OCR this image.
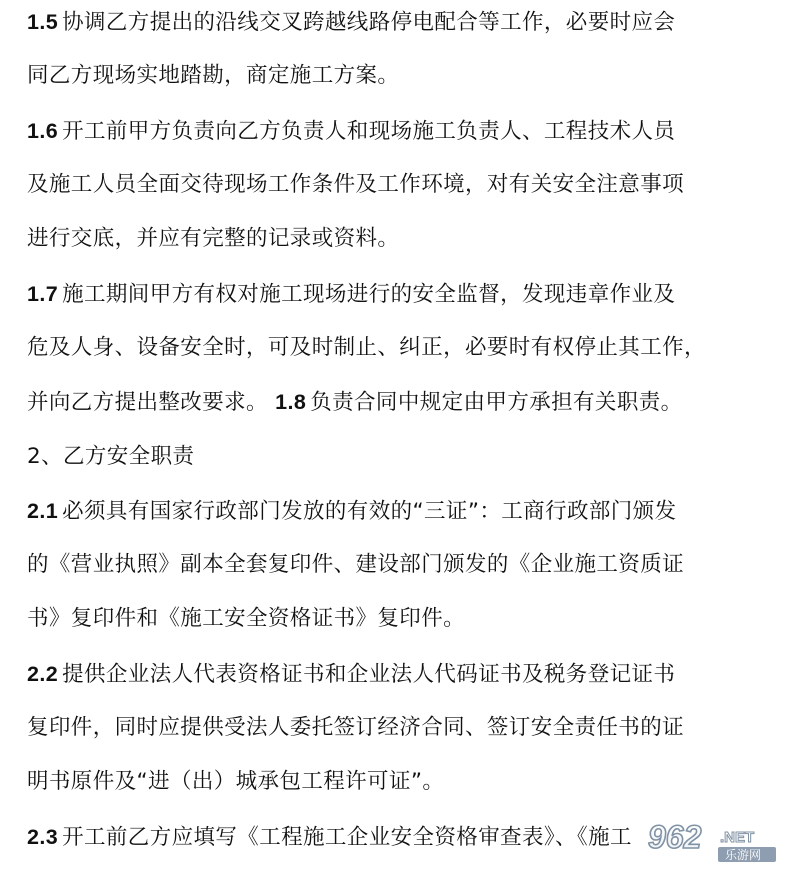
1.5 协调乙方提出的沿线交叉跨越线路停电配合等工作，必要时应会
同乙方现场实地踏勘，商定施工方案。
1.6 开工前甲方负责向乙方负责人和现场施工负责人、工程技术人员
及施工人员全面交待现场工作条件及工作环境，对有关安全注意事项
进行交底，并应有完整的记录或资料。
1.7 施工期间甲方有权对施工现场进行的安全监督，发现违章作业及
危及人身、设备安全时，可及时制止、纠正，必要时有权停止其工作，
并向乙方提出整改要求。 1.8 负责合同中规定由甲方承担有关职责。
2、乙方安全职责
2.1 必须具有国家行政部门发放的有效的“三证”：工商行政部门颁发
的《营业执照》副本全套复印件、建设部门颁发的《企业施工资质证
书》复印件和《施工安全资格证书》复印件。
2.2 提供企业法人代表资格证书和企业法人代码证书及税务登记证书
复印件，同时应提供受法人委托签订经济合同、签订安全责任书的证
明书原件及“进（出）城承包工程许可证”。
2.3 开工前乙方应填写《工程施工企业安全资格审查表》、《施工 962 .NET
乐游网
